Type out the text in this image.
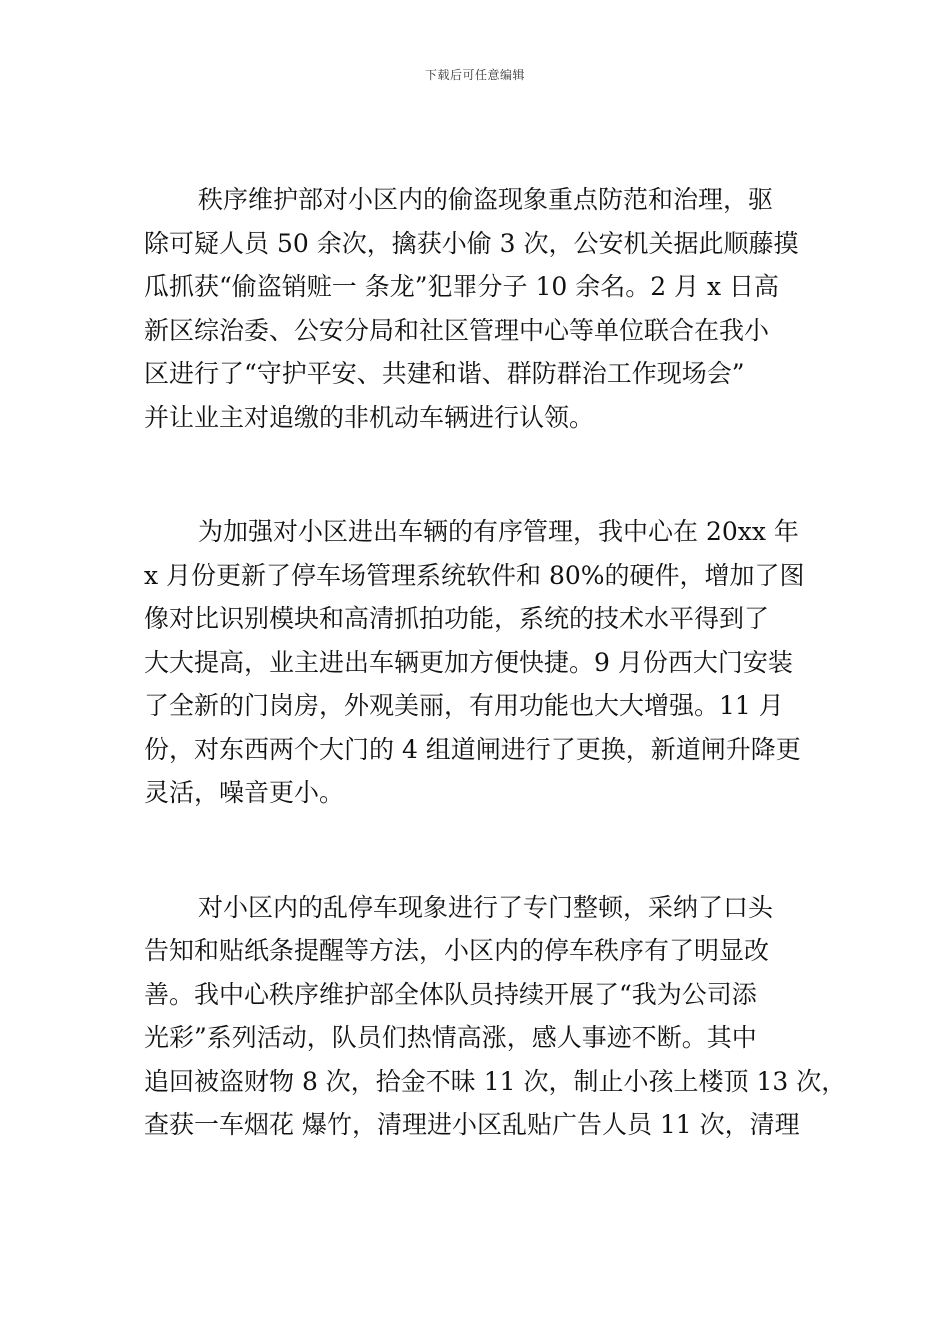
下载后可任意编辑

秩序维护部对小区内的偷盗现象重点防范和治理，驱
除可疑人员 50 余次，擒获小偷 3 次，公安机关据此顺藤摸
瓜抓获“偷盗销赃一 条龙”犯罪分子 10 余名。2 月 x 日高
新区综治委、公安分局和社区管理中心等单位联合在我小
区进行了“守护平安、共建和谐、群防群治工作现场会”
并让业主对追缴的非机动车辆进行认领。

为加强对小区进出车辆的有序管理，我中心在 20xx 年
x 月份更新了停车场管理系统软件和 80%的硬件，增加了图
像对比识别模块和高清抓拍功能，系统的技术水平得到了
大大提高，业主进出车辆更加方便快捷。9 月份西大门安装
了全新的门岗房，外观美丽，有用功能也大大增强。11 月
份，对东西两个大门的 4 组道闸进行了更换，新道闸升降更
灵活，噪音更小。

对小区内的乱停车现象进行了专门整顿，采纳了口头
告知和贴纸条提醒等方法，小区内的停车秩序有了明显改
善。我中心秩序维护部全体队员持续开展了“我为公司添
光彩”系列活动，队员们热情高涨，感人事迹不断。其中
追回被盗财物 8 次，拾金不昧 11 次，制止小孩上楼顶 13 次，
查获一车烟花 爆竹，清理进小区乱贴广告人员 11 次，清理
